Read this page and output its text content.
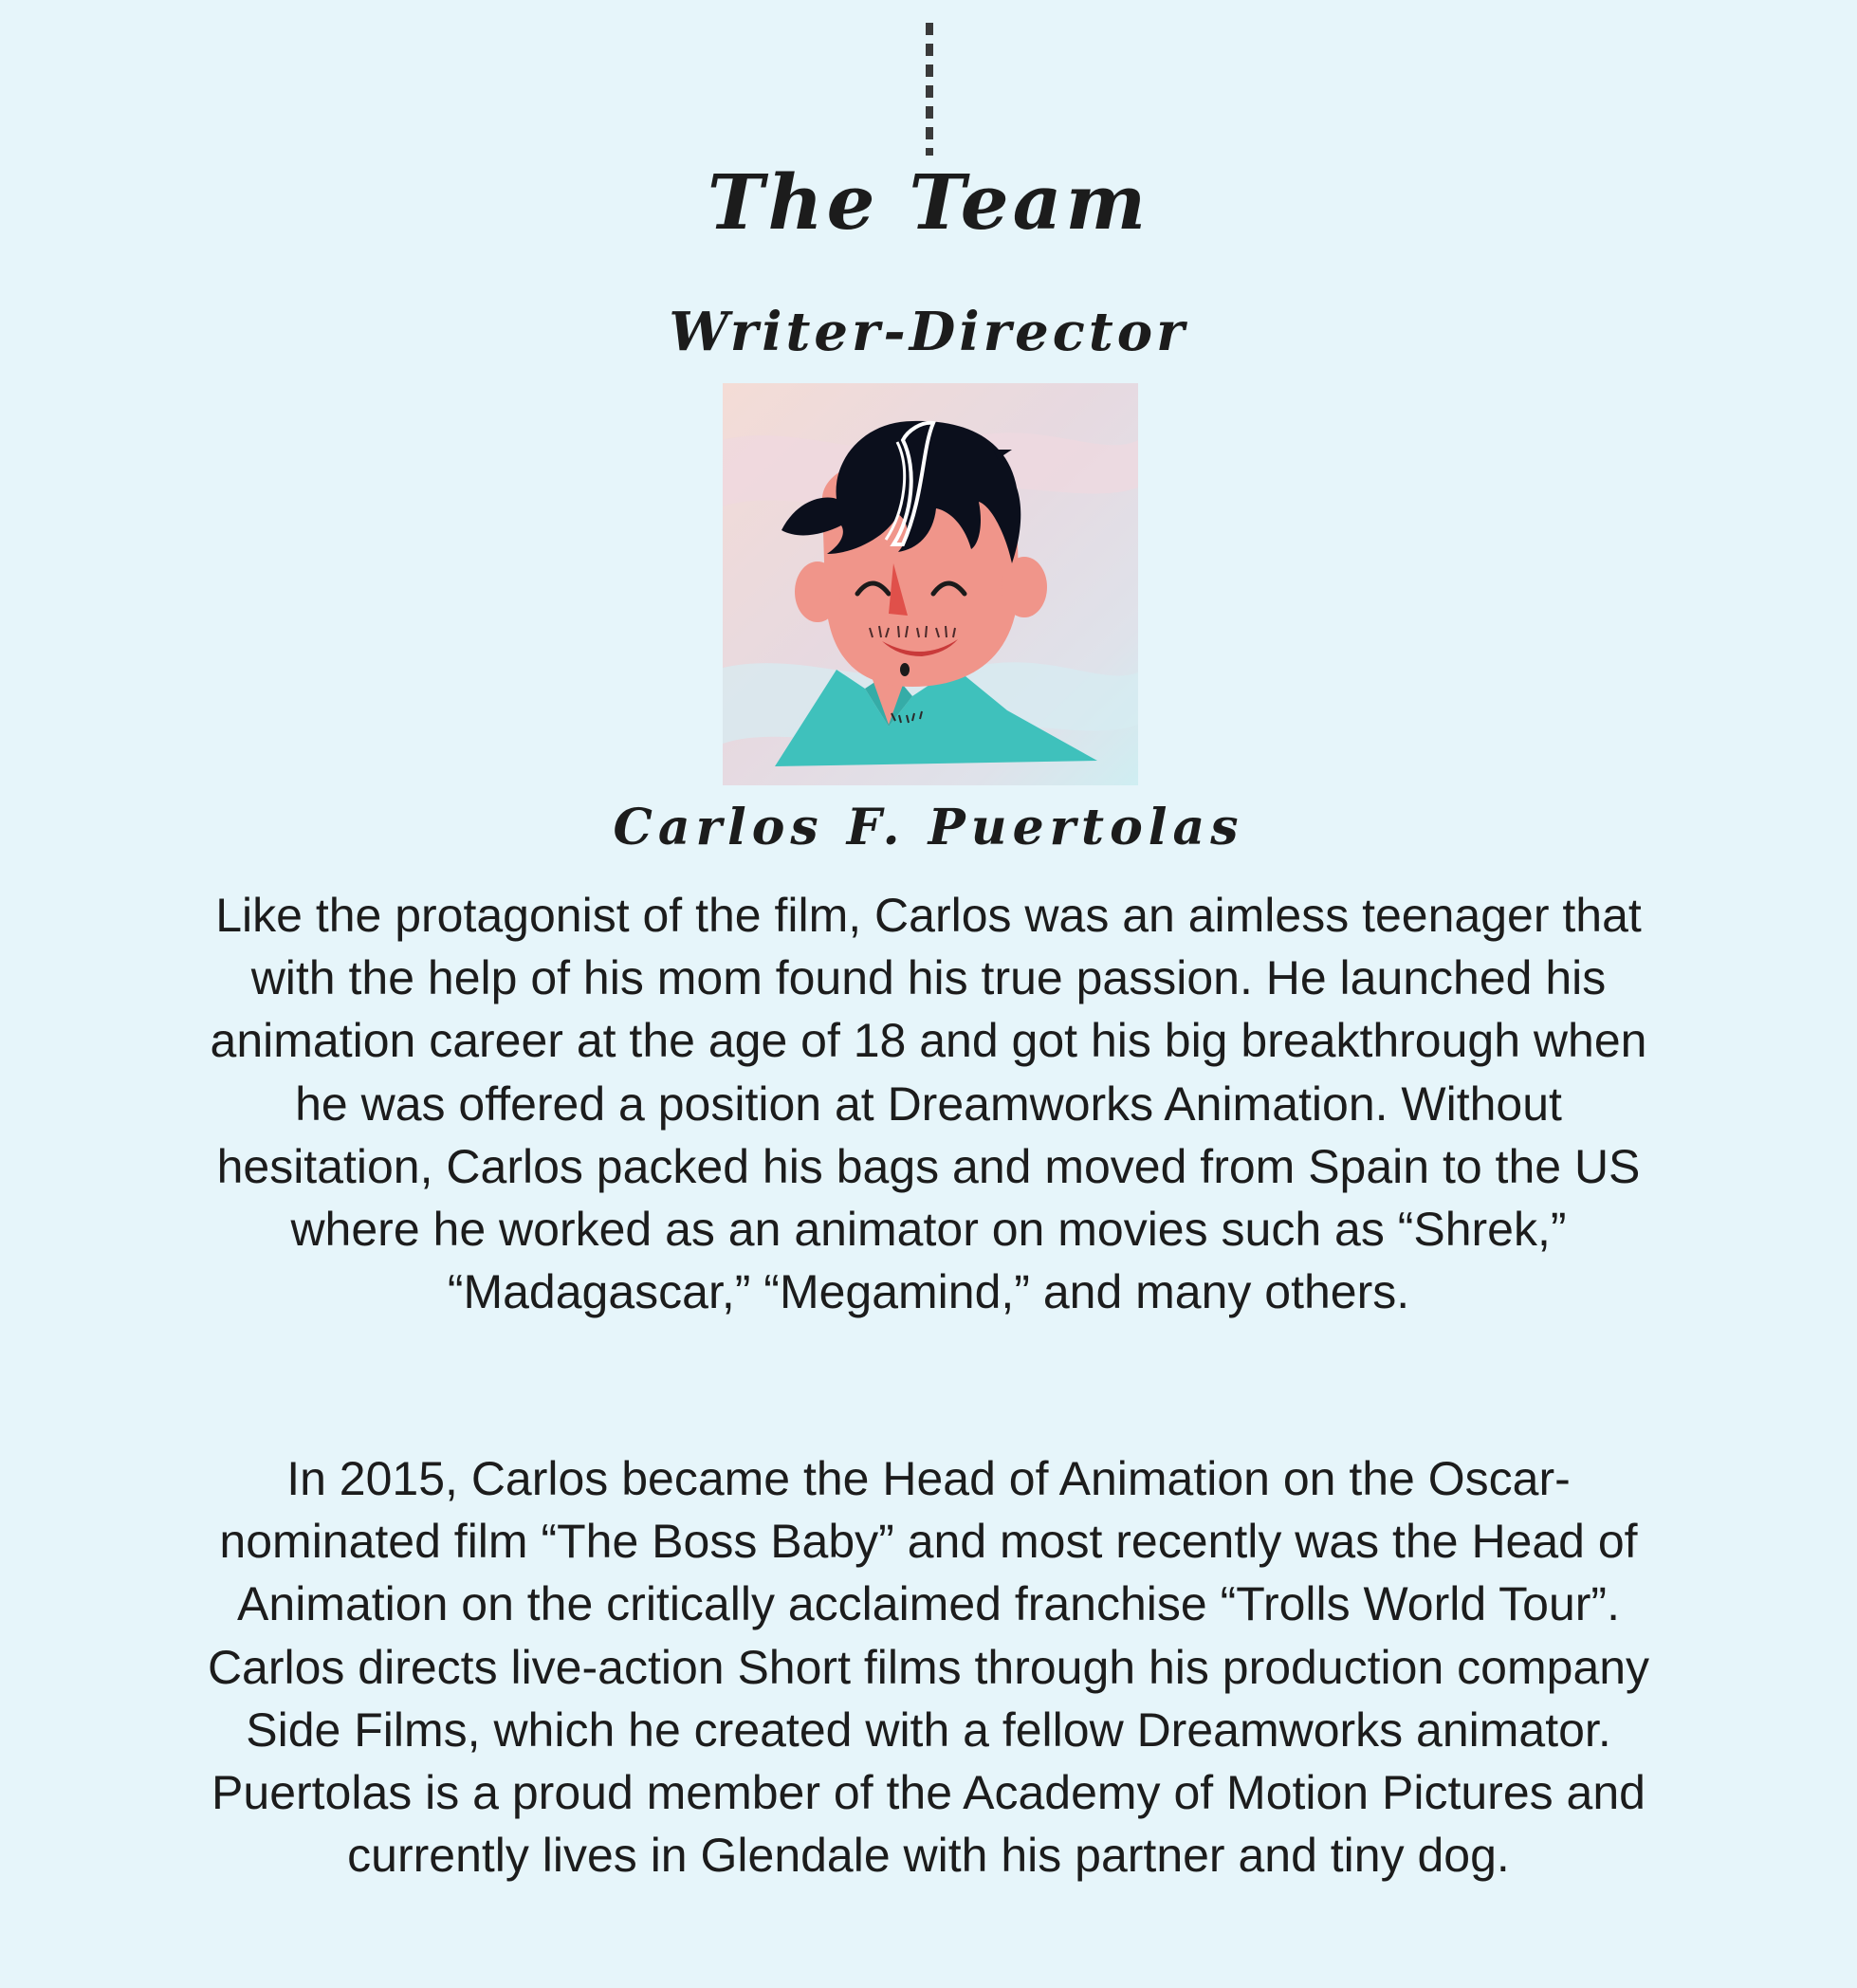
The Team
Writer-Director
Carlos F. Puertolas

Like the protagonist of the film, Carlos was an aimless teenager that with the help of his mom found his true passion. He launched his animation career at the age of 18 and got his big breakthrough when he was offered a position at Dreamworks Animation. Without hesitation, Carlos packed his bags and moved from Spain to the US where he worked as an animator on movies such as “Shrek,” “Madagascar,” “Megamind,” and many others.

In 2015, Carlos became the Head of Animation on the Oscar-nominated film “The Boss Baby” and most recently was the Head of Animation on the critically acclaimed franchise “Trolls World Tour”. Carlos directs live-action Short films through his production company Side Films, which he created with a fellow Dreamworks animator. Puertolas is a proud member of the Academy of Motion Pictures and currently lives in Glendale with his partner and tiny dog.
